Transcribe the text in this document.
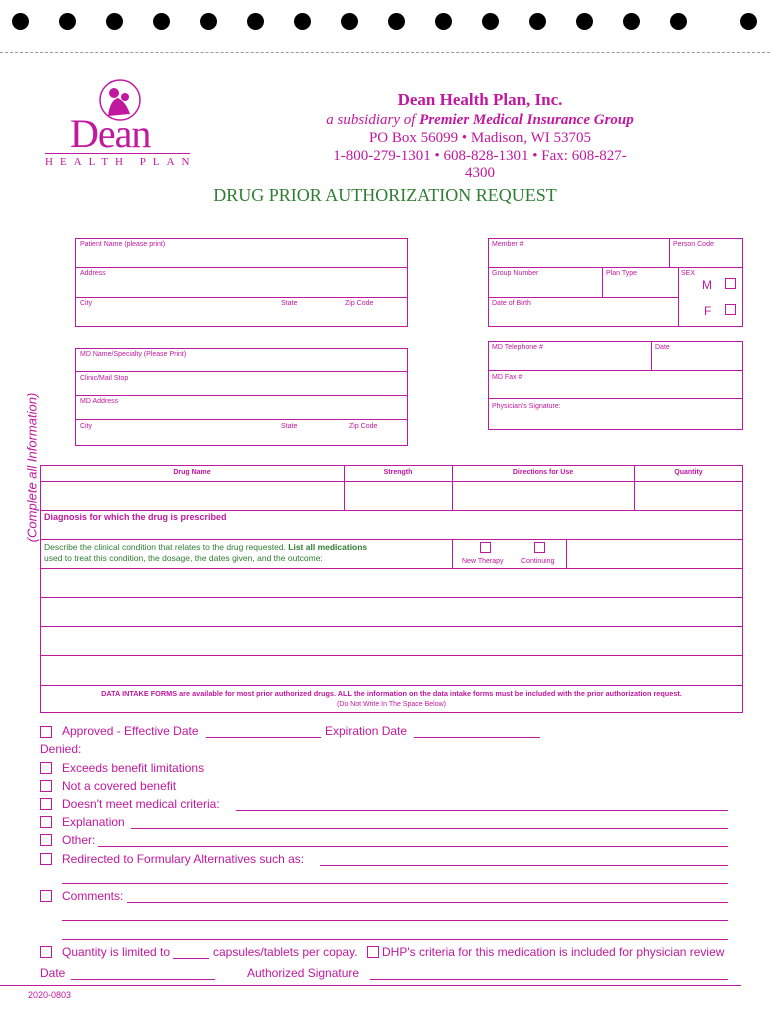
Dean
HEALTH PLAN
Dean Health Plan, Inc.
a subsidiary of Premier Medical Insurance Group
PO Box 56099 • Madison, WI 53705
1-800-279-1301 • 608-828-1301 • Fax: 608-827-4300
DRUG PRIOR AUTHORIZATION REQUEST
(Complete all Information)
Patient Name (please print)
Address
City	State	Zip Code
Member #	Person Code
Group Number	Plan Type	SEX
M
F
Date of Birth
MD Name/Specialty (Please Print)
Clinic/Mail Stop
MD Address
City	State	Zip Code
MD Telephone #	Date
MD Fax #
Physician's Signature:
Drug Name	Strength	Directions for Use	Quantity
Diagnosis for which the drug is prescribed
Describe the clinical condition that relates to the drug requested. List all medications
used to treat this condition, the dosage, the dates given, and the outcome:	New Therapy Continuing
DATA INTAKE FORMS are available for most prior authorized drugs. ALL the information on the data intake forms must be included with the prior authorization request.
(Do Not Write In The Space Below)
Approved - Effective Date	Expiration Date
Denied:
Exceeds benefit limitations
Not a covered benefit
Doesn't meet medical criteria:
Explanation
Other:
Redirected to Formulary Alternatives such as:
Comments:
Quantity is limited to	capsules/tablets per copay. DHP's criteria for this medication is included for physician review
Date	Authorized Signature
2020-0803
